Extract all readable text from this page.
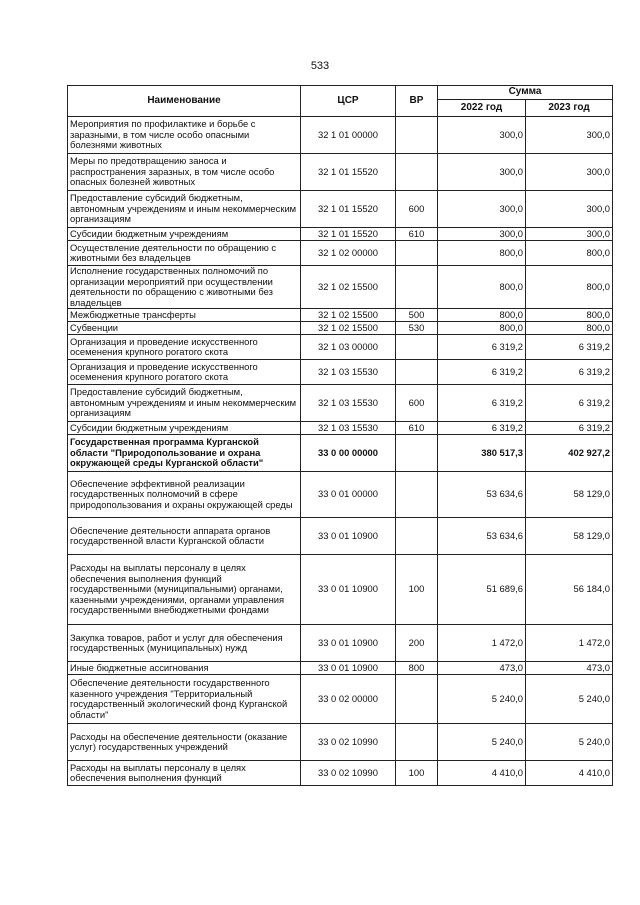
533
Наименование	ЦСР	ВР	Сумма	
			2022 год	2023 год
Мероприятия по профилактике и борьбе с заразными, в том числе особо опасными болезнями животных	32 1 01 00000		300,0	300,0
Меры по предотвращению заноса и распространения заразных, в том числе особо опасных болезней животных	32 1 01 15520		300,0	300,0
Предоставление субсидий бюджетным, автономным учреждениям и иным некоммерческим организациям	32 1 01 15520	600	300,0	300,0
Субсидии бюджетным учреждениям	32 1 01 15520	610	300,0	300,0
Осуществление деятельности по обращению с животными без владельцев	32 1 02 00000		800,0	800,0
Исполнение государственных полномочий по организации мероприятий при осуществлении деятельности по обращению с животными без владельцев	32 1 02 15500		800,0	800,0
Межбюджетные трансферты	32 1 02 15500	500	800,0	800,0
Субвенции	32 1 02 15500	530	800,0	800,0
Организация и проведение искусственного осеменения крупного рогатого скота	32 1 03 00000		6 319,2	6 319,2
Организация и проведение искусственного осеменения крупного рогатого скота	32 1 03 15530		6 319,2	6 319,2
Предоставление субсидий бюджетным, автономным учреждениям и иным некоммерческим организациям	32 1 03 15530	600	6 319,2	6 319,2
Субсидии бюджетным учреждениям	32 1 03 15530	610	6 319,2	6 319,2
Государственная программа Курганской области "Природопользование и охрана окружающей среды Курганской области"	33 0 00 00000		380 517,3	402 927,2
Обеспечение эффективной реализации государственных полномочий в сфере природопользования и охраны окружающей среды	33 0 01 00000		53 634,6	58 129,0
Обеспечение деятельности аппарата органов государственной власти Курганской области	33 0 01 10900		53 634,6	58 129,0
Расходы на выплаты персоналу в целях обеспечения выполнения функций государственными (муниципальными) органами, казенными учреждениями, органами управления государственными внебюджетными фондами	33 0 01 10900	100	51 689,6	56 184,0
Закупка товаров, работ и услуг для обеспечения государственных (муниципальных) нужд	33 0 01 10900	200	1 472,0	1 472,0
Иные бюджетные ассигнования	33 0 01 10900	800	473,0	473,0
Обеспечение деятельности государственного казенного учреждения "Территориальный государственный экологический фонд Курганской области"	33 0 02 00000		5 240,0	5 240,0
Расходы на обеспечение деятельности (оказание услуг) государственных учреждений	33 0 02 10990		5 240,0	5 240,0
Расходы на выплаты персоналу в целях обеспечения выполнения функций	33 0 02 10990	100	4 410,0	4 410,0
